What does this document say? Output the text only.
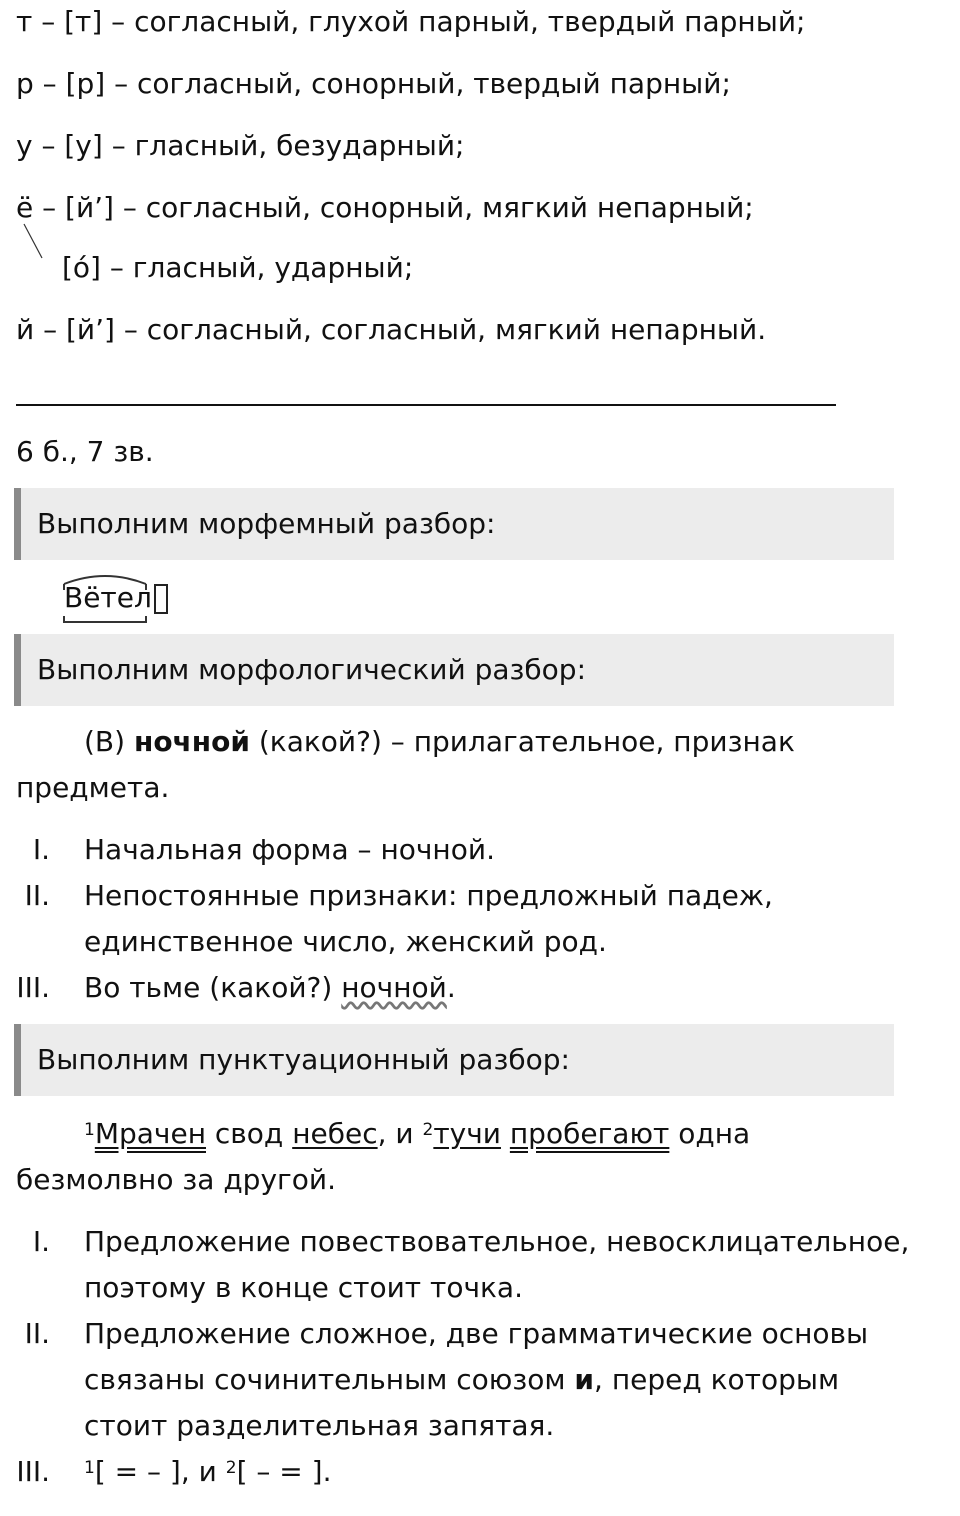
т – [т] – согласный, глухой парный, твердый парный;
р – [р] – согласный, сонорный, твердый парный;
у – [у] – гласный, безударный;
ё – [й’] – согласный, сонорный, мягкий непарный;
[ó] – гласный, ударный;
й – [й’] – согласный, согласный, мягкий непарный.
6 б., 7 зв.
Выполним морфемный разбор:
Вётел
Выполним морфологический разбор:
(В) ночной (какой?) – прилагательное, признак
предмета.
I. Начальная форма – ночной.
II. Непостоянные признаки: предложный падеж,
единственное число, женский род.
III. Во тьме (какой?) ночной.
Выполним пунктуационный разбор:
$^1$Мрачен свод небес, и $^2$тучи пробегают одна
безмолвно за другой.
I. Предложение повествовательное, невосклицательное,
поэтому в конце стоит точка.
II. Предложение сложное, две грамматические основы
связаны сочинительным союзом и, перед которым
стоит разделительная запятая.
III. $^1$[ = – ], и $^2$[ – = ].
